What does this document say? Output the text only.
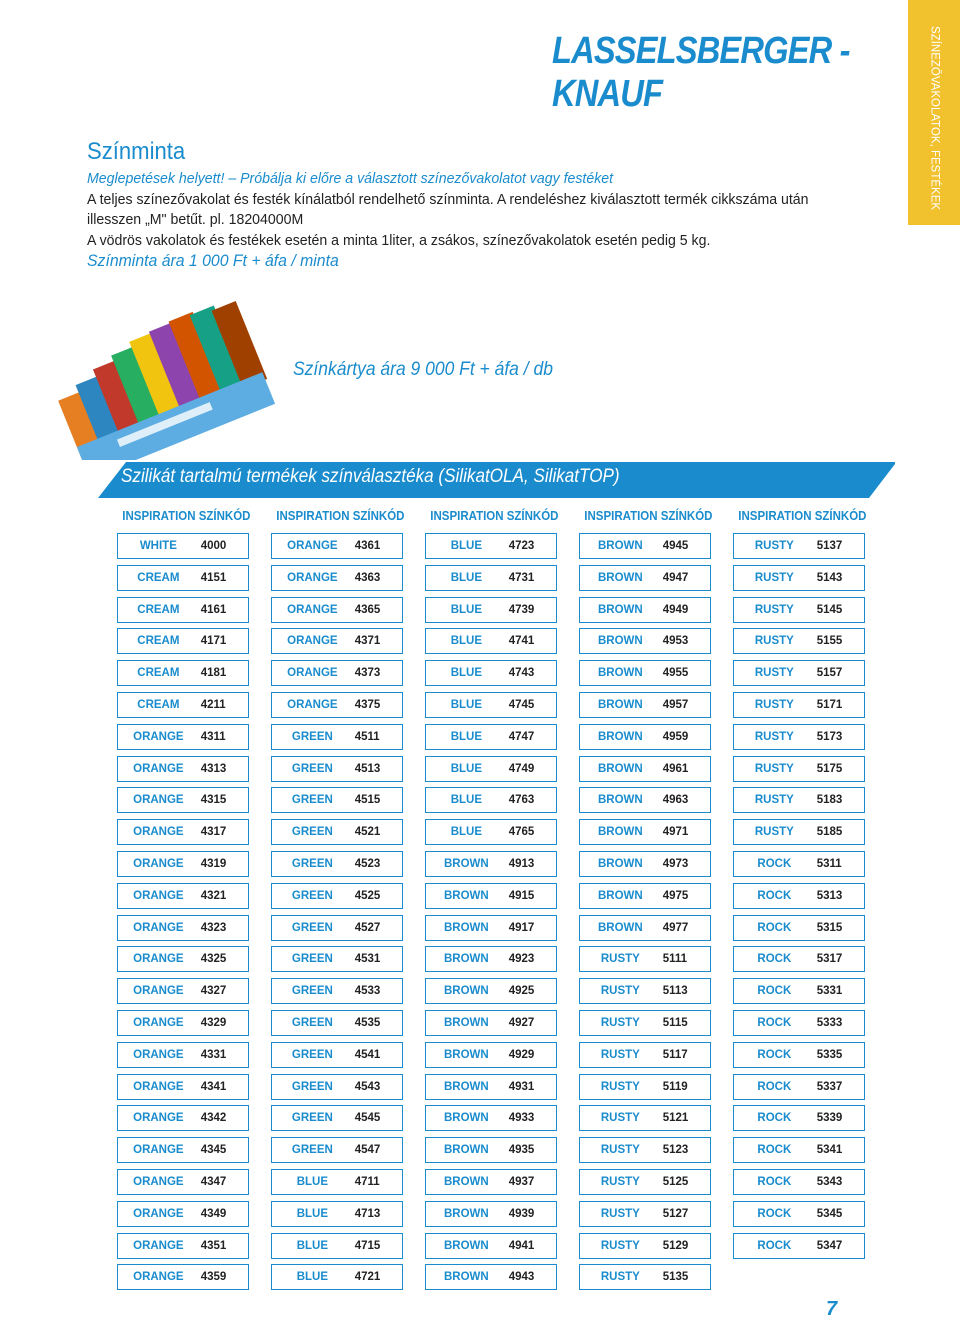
LASSELSBERGER - KNAUF	SZÍNEZŐVAKOLATOK, FESTÉKEK
Színminta
Meglepetések helyett! – Próbálja ki előre a választott színezővakolatot vagy festéket
A teljes színezővakolat és festék kínálatból rendelhető színminta. A rendeléshez kiválasztott termék cikkszáma után illesszen „M" betűt. pl. 18204000M
A vödrös vakolatok és festékek esetén a minta 1liter, a zsákos, színezővakolatok esetén pedig 5 kg.
Színminta ára 1 000 Ft + áfa / minta
Színkártya ára 9 000 Ft + áfa / db
Szilikát tartalmú termékek színválasztéka (SilikatOLA, SilikatTOP)
INSPIRATION SZÍNKÓD
WHITE	4000
CREAM	4151
CREAM	4161
CREAM	4171
CREAM	4181
CREAM	4211
ORANGE	4311
ORANGE	4313
ORANGE	4315
ORANGE	4317
ORANGE	4319
ORANGE	4321
ORANGE	4323
ORANGE	4325
ORANGE	4327
ORANGE	4329
ORANGE	4331
ORANGE	4341
ORANGE	4342
ORANGE	4345
ORANGE	4347
ORANGE	4349
ORANGE	4351
ORANGE	4359
INSPIRATION SZÍNKÓD
ORANGE	4361
ORANGE	4363
ORANGE	4365
ORANGE	4371
ORANGE	4373
ORANGE	4375
GREEN	4511
GREEN	4513
GREEN	4515
GREEN	4521
GREEN	4523
GREEN	4525
GREEN	4527
GREEN	4531
GREEN	4533
GREEN	4535
GREEN	4541
GREEN	4543
GREEN	4545
GREEN	4547
BLUE	4711
BLUE	4713
BLUE	4715
BLUE	4721
INSPIRATION SZÍNKÓD
BLUE	4723
BLUE	4731
BLUE	4739
BLUE	4741
BLUE	4743
BLUE	4745
BLUE	4747
BLUE	4749
BLUE	4763
BLUE	4765
BROWN	4913
BROWN	4915
BROWN	4917
BROWN	4923
BROWN	4925
BROWN	4927
BROWN	4929
BROWN	4931
BROWN	4933
BROWN	4935
BROWN	4937
BROWN	4939
BROWN	4941
BROWN	4943
INSPIRATION SZÍNKÓD
BROWN	4945
BROWN	4947
BROWN	4949
BROWN	4953
BROWN	4955
BROWN	4957
BROWN	4959
BROWN	4961
BROWN	4963
BROWN	4971
BROWN	4973
BROWN	4975
BROWN	4977
RUSTY	5111
RUSTY	5113
RUSTY	5115
RUSTY	5117
RUSTY	5119
RUSTY	5121
RUSTY	5123
RUSTY	5125
RUSTY	5127
RUSTY	5129
RUSTY	5135
INSPIRATION SZÍNKÓD
RUSTY	5137
RUSTY	5143
RUSTY	5145
RUSTY	5155
RUSTY	5157
RUSTY	5171
RUSTY	5173
RUSTY	5175
RUSTY	5183
RUSTY	5185
ROCK	5311
ROCK	5313
ROCK	5315
ROCK	5317
ROCK	5331
ROCK	5333
ROCK	5335
ROCK	5337
ROCK	5339
ROCK	5341
ROCK	5343
ROCK	5345
ROCK	5347
7
